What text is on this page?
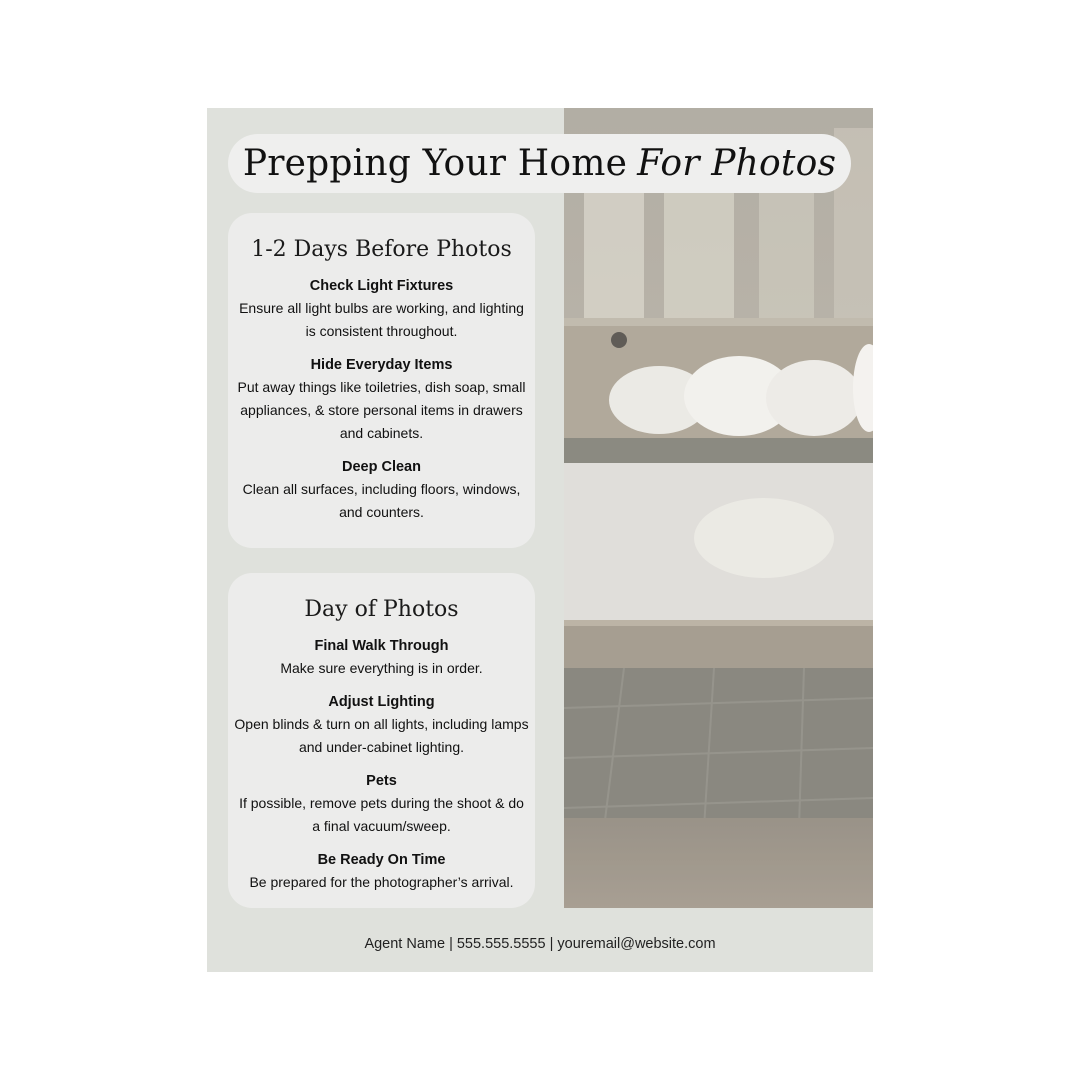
Prepping Your Home For Photos
1-2 Days Before Photos
Check Light Fixtures
Ensure all light bulbs are working, and lighting is consistent throughout.
Hide Everyday Items
Put away things like toiletries, dish soap, small appliances, & store personal items in drawers and cabinets.
Deep Clean
Clean all surfaces, including floors, windows, and counters.
Day of Photos
Final Walk Through
Make sure everything is in order.
Adjust Lighting
Open blinds & turn on all lights, including lamps and under-cabinet lighting.
Pets
If possible, remove pets during the shoot & do a final vacuum/sweep.
Be Ready On Time
Be prepared for the photographer’s arrival.
Agent Name | 555.555.5555 | youremail@website.com
